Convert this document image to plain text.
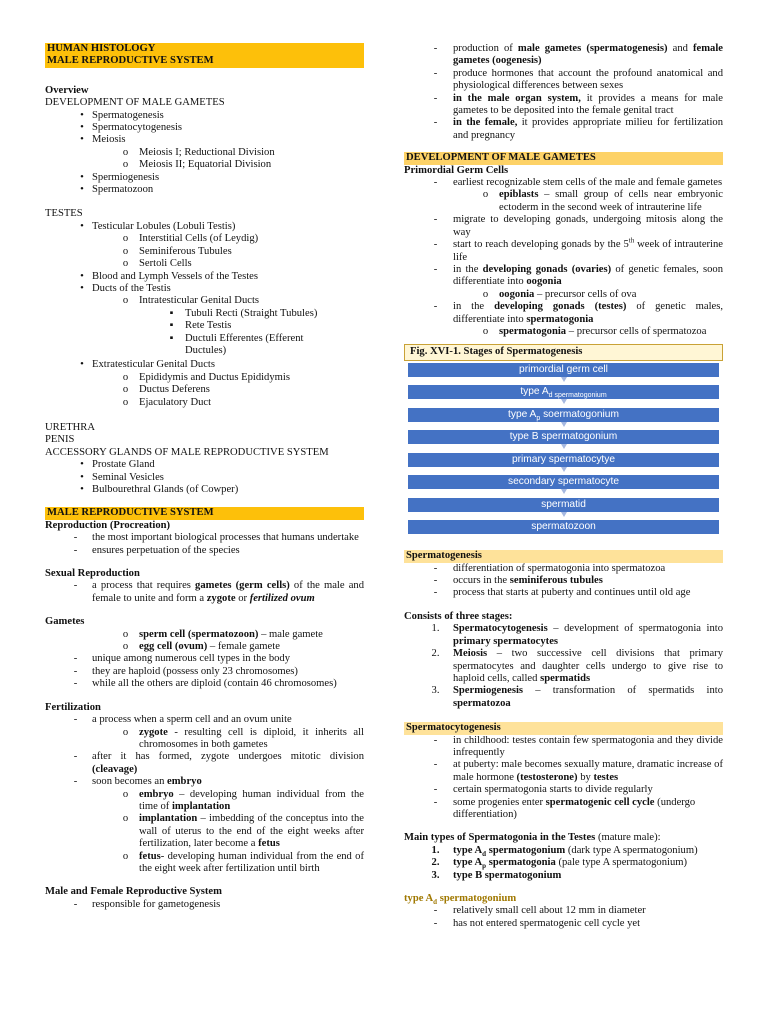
HUMAN HISTOLOGY
MALE REPRODUCTIVE SYSTEM
Overview
DEVELOPMENT OF MALE GAMETES
• Spermatogenesis
• Spermatocytogenesis
• Meiosis
o	Meiosis I; Reductional Division
o	Meiosis II; Equatorial Division
• Spermiogenesis
• Spermatozoon
TESTES
• Testicular Lobules (Lobuli Testis)
o	Interstitial Cells (of Leydig)
o	Seminiferous Tubules
o	Sertoli Cells
• Blood and Lymph Vessels of the Testes
• Ducts of the Testis
o	Intratesticular Genital Ducts
▪	Tubuli Recti (Straight Tubules)
▪	Rete Testis
▪	Ductuli Efferentes (Efferent Ductules)
• Extratesticular Genital Ducts
o	Epididymis and Ductus Epididymis
o	Ductus Deferens
o	Ejaculatory Duct
URETHRA
PENIS
ACCESSORY GLANDS OF MALE REPRODUCTIVE SYSTEM
• Prostate Gland
• Seminal Vesicles
• Bulbourethral Glands (of Cowper)
MALE REPRODUCTIVE SYSTEM
Reproduction (Procreation)
-	the most important biological processes that humans undertake
-	ensures perpetuation of the species
Sexual Reproduction
-	a process that requires gametes (germ cells) of the male and female to unite and form a zygote or fertilized ovum
Gametes
o	sperm cell (spermatozoon) – male gamete
o	egg cell (ovum) – female gamete
-	unique among numerous cell types in the body
-	they are haploid (possess only 23 chromosomes)
-	while all the others are diploid (contain 46 chromosomes)
Fertilization
-	a process when a sperm cell and an ovum unite
o	zygote - resulting cell is diploid, it inherits all chromosomes in both gametes
-	after it has formed, zygote undergoes mitotic division (cleavage)
-	soon becomes an embryo
o	embryo – developing human individual from the time of implantation
o	implantation – imbedding of the conceptus into the wall of uterus to the end of the eight weeks after fertilization, later become a fetus
o	fetus- developing human individual from the end of the eight week after fertilization until birth
Male and Female Reproductive System
-	responsible for gametogenesis
-	production of male gametes (spermatogenesis) and female gametes (oogenesis)
-	produce hormones that account the profound anatomical and physiological differences between sexes
-	in the male organ system, it provides a means for male gametes to be deposited into the female genital tract
-	in the female, it provides appropriate milieu for fertilization and pregnancy
DEVELOPMENT OF MALE GAMETES
Primordial Germ Cells
-	earliest recognizable stem cells of the male and female gametes
o	epiblasts – small group of cells near embryonic ectoderm in the second week of intrauterine life
-	migrate to developing gonads, undergoing mitosis along the way
-	start to reach developing gonads by the 5th week of intrauterine life
-	in the developing gonads (ovaries) of genetic females, soon differentiate into oogonia
o	oogonia – precursor cells of ova
-	in the developing gonads (testes) of genetic males, differentiate into spermatogonia
o	spermatogonia – precursor cells of spermatozoa
Fig. XVI-1. Stages of Spermatogenesis
primordial germ cell
type $A_{d spermatogonium}$
type $A_p$ soermatogonium
type B spermatogonium
primary spermatocytye
secondary spermatocyte
spermatid
spermatozoon
Spermatogenesis
-	differentiation of spermatogonia into spermatozoa
-	occurs in the seminiferous tubules
-	process that starts at puberty and continues until old age
Consists of three stages:
1.	Spermatocytogenesis – development of spermatogonia into primary spermatocytes
2.	Meiosis – two successive cell divisions that primary spermatocytes and daughter cells undergo to give rise to haploid cells, called spermatids
3.	Spermiogenesis – transformation of spermatids into spermatozoa
Spermatocytogenesis
-	in childhood: testes contain few spermatogonia and they divide infrequently
-	at puberty: male becomes sexually mature, dramatic increase of male hormone (testosterone) by testes
-	certain spermatogonia starts to divide regularly
-	some progenies enter spermatogenic cell cycle (undergo differentiation)
Main types of Spermatogonia in the Testes (mature male):
1.	type $A_d$ spermatogonium (dark type A spermatogonium)
2.	type $A_p$ spermatogonia (pale type A spermatogonium)
3.	type B spermatogonium
type $A_d$ spermatogonium
-	relatively small cell about 12 mm in diameter
-	has not entered spermatogenic cell cycle yet
